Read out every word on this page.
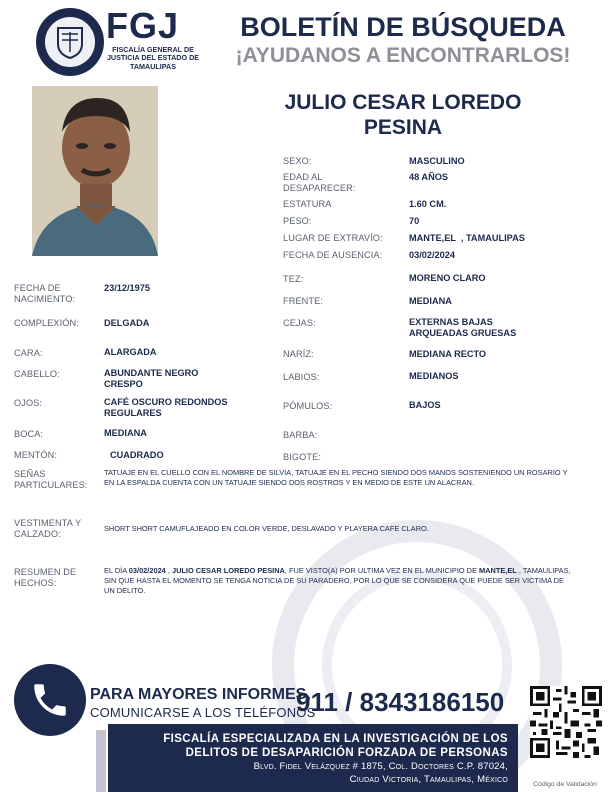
FGJ
FISCALÍA GENERAL DE JUSTICIA DEL ESTADO DE TAMAULIPAS
BOLETÍN DE BÚSQUEDA
¡AYUDANOS A ENCONTRARLOS!
JULIO CESAR LOREDO
PESINA
SEXO:	MASCULINO
EDAD AL DESAPARECER:
48 AÑOS
ESTATURA	1.60 CM.
PESO:	70
LUGAR DE EXTRAVÍO:	MANTE,EL  , TAMAULIPAS
FECHA DE AUSENCIA:	03/02/2024
TEZ:	MORENO CLARO
FRENTE:	MEDIANA
CEJAS:	EXTERNAS BAJAS ARQUEADAS GRUESAS
NARÍZ:	MEDIANA RECTO
LABIOS:	MEDIANOS
PÓMULOS:	BAJOS
BARBA:
BIGOTE:
FECHA DE NACIMIENTO:
23/12/1975
COMPLEXIÓN:	DELGADA
CARA:	ALARGADA
CABELLO:	ABUNDANTE NEGRO CRESPO
OJOS:	CAFÉ OSCURO REDONDOS REGULARES
BOCA:	MEDIANA
MENTÓN:	CUADRADO
SEÑAS PARTICULARES:
TATUAJE EN EL CUELLO CON EL NOMBRE DE SILVIA, TATUAJE EN EL PECHO SIENDO DOS MANOS SOSTENIENDO UN ROSARIO Y EN LA ESPALDA CUENTA CON UN TATUAJE SIENDO DOS ROSTROS Y EN MEDIO DE ESTE UN ALACRAN.
VESTIMENTA Y CALZADO:
SHORT SHORT CAMUFLAJEADO EN COLOR VERDE, DESLAVADO Y PLAYERA CAFE CLARO.
RESUMEN DE HECHOS:
EL DÍA 03/02/2024 , JULIO CESAR LOREDO PESINA, FUE VISTO(A) POR ULTIMA VEZ EN EL MUNICIPIO DE MANTE,EL , TAMAULIPAS, SIN QUE HASTA EL MOMENTO SE TENGA NOTICIA DE SU PARADERO, POR LO QUE SE CONSIDERA QUE PUEDE SER VICTIMA DE UN DELITO.
PARA MAYORES INFORMES,
COMUNICARSE A LOS TELÉFONOS
911 / 8343186150
FISCALÍA ESPECIALIZADA EN LA INVESTIGACIÓN DE LOS
DELITOS DE DESAPARICIÓN FORZADA DE PERSONAS
Blvd. Fidel Velázquez # 1875, Col. Doctores C.P. 87024,
Ciudad Victoria, Tamaulipas, México	Código de Validación
